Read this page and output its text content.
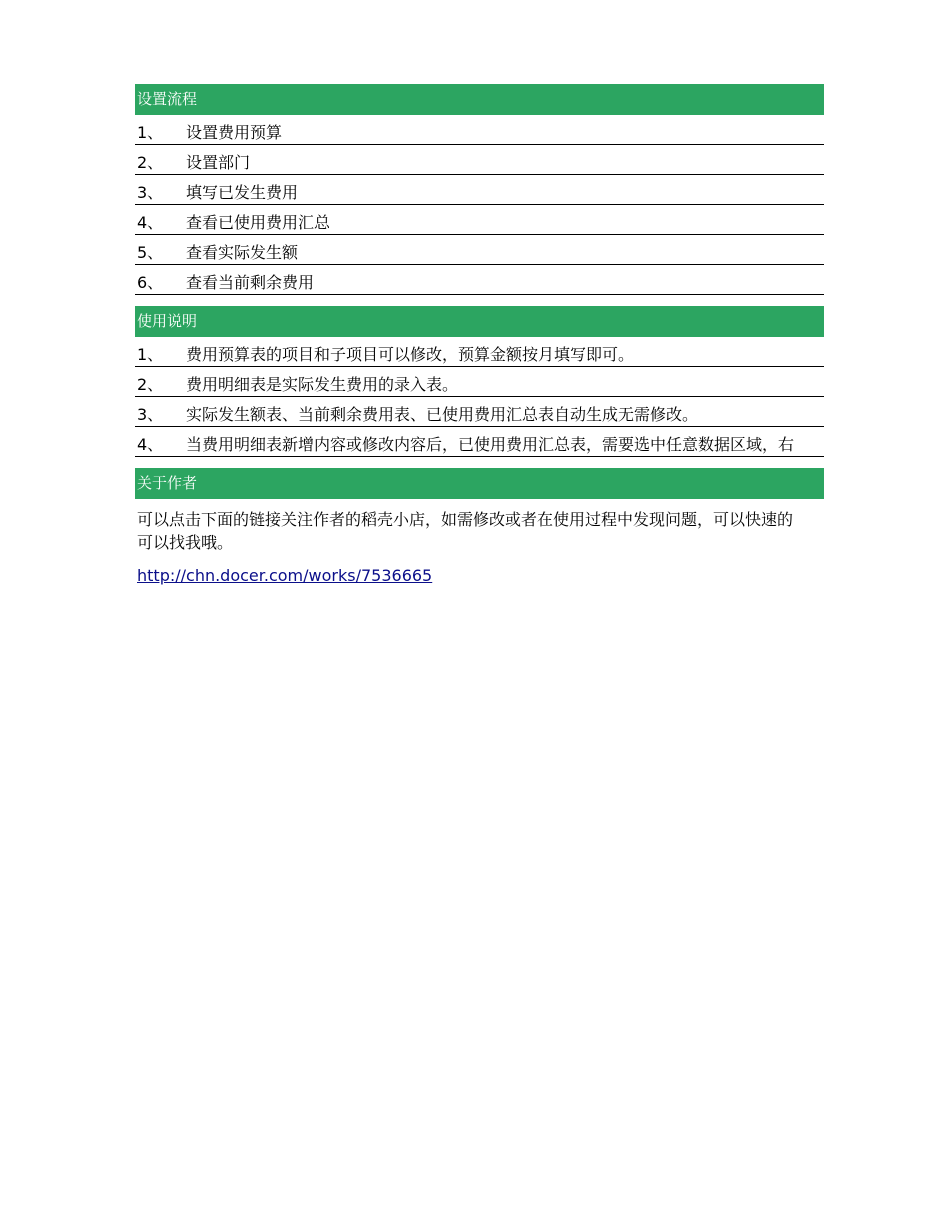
设置流程
1、 设置费用预算
2、 设置部门
3、 填写已发生费用
4、 查看已使用费用汇总
5、 查看实际发生额
6、 查看当前剩余费用
使用说明
1、 费用预算表的项目和子项目可以修改，预算金额按月填写即可。
2、 费用明细表是实际发生费用的录入表。
3、 实际发生额表、当前剩余费用表、已使用费用汇总表自动生成无需修改。
4、 当费用明细表新增内容或修改内容后，已使用费用汇总表，需要选中任意数据区域，右
关于作者
可以点击下面的链接关注作者的稻壳小店，如需修改或者在使用过程中发现问题，可以快速的
可以找我哦。
http://chn.docer.com/works/7536665
